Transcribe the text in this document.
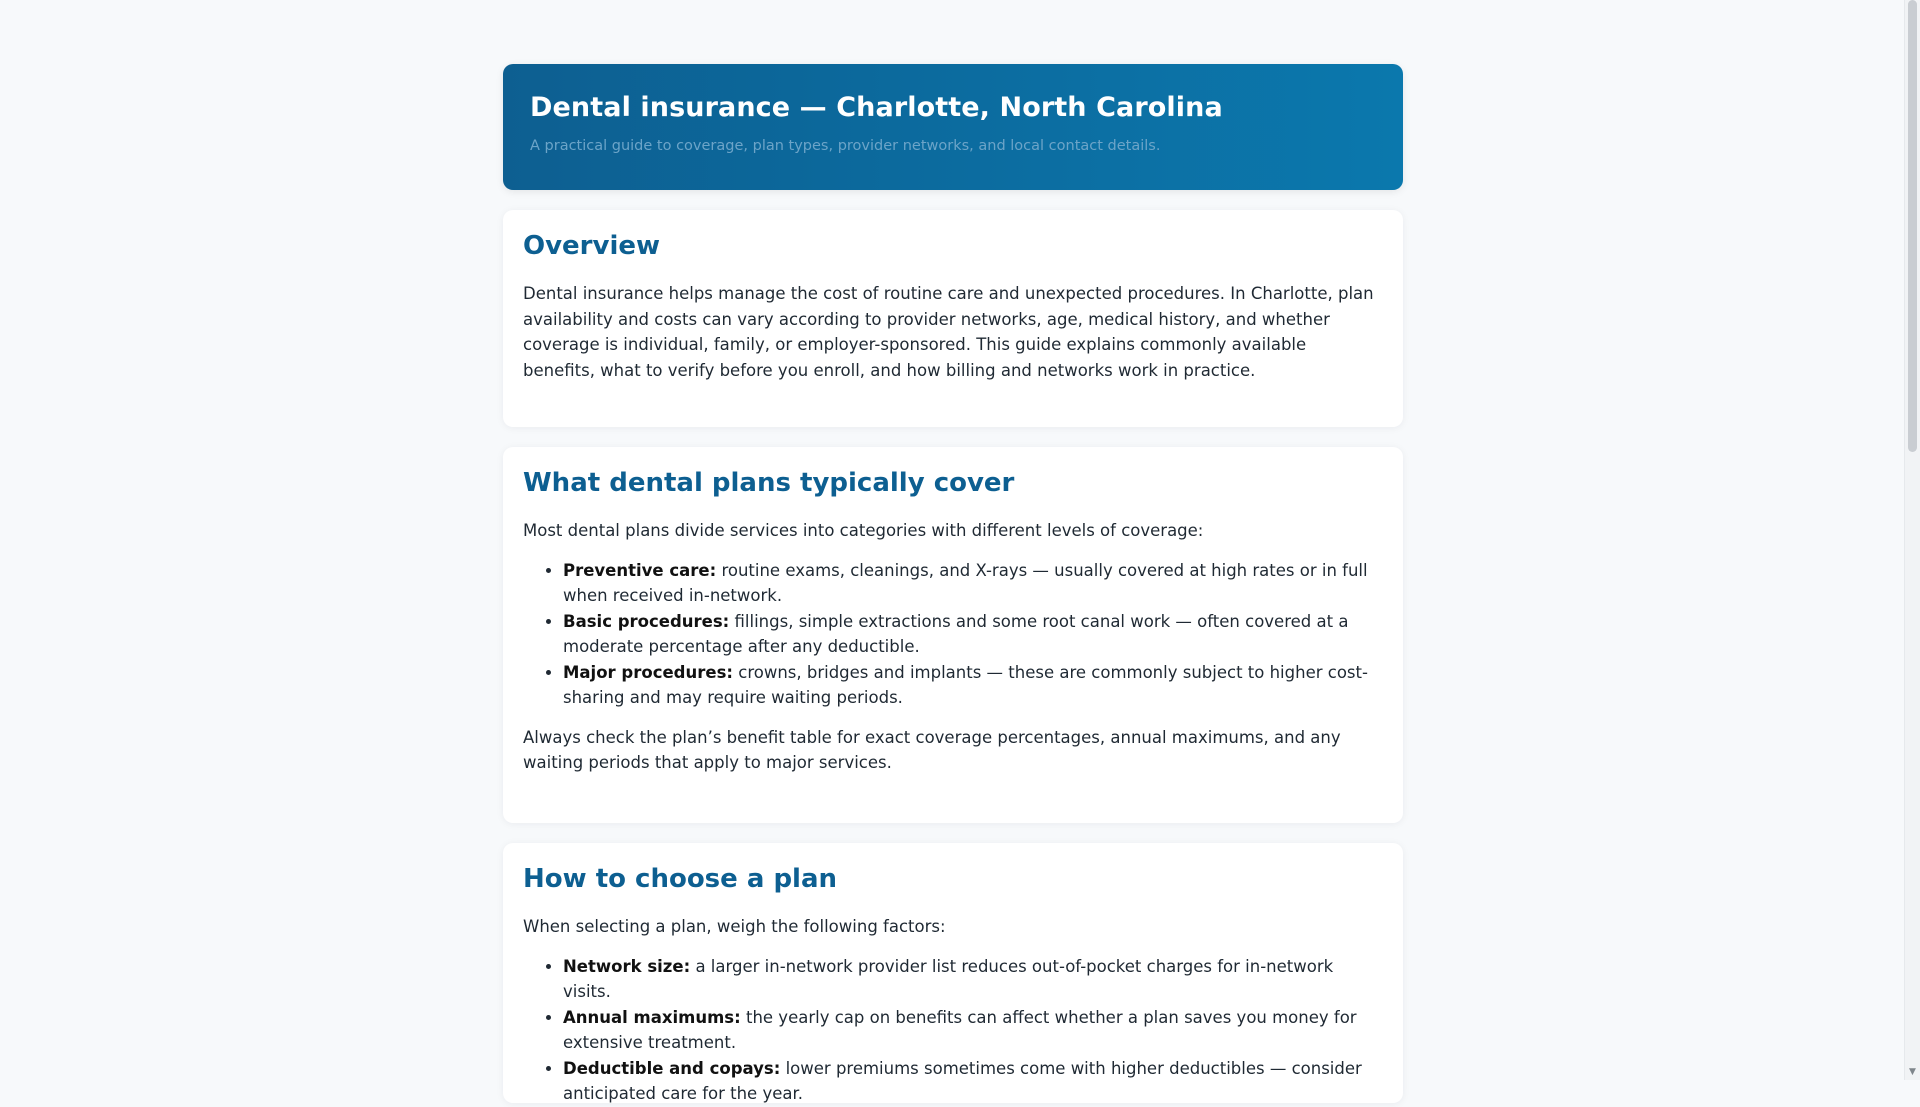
Dental insurance — Charlotte, North Carolina

A practical guide to coverage, plan types, provider networks, and local contact details.

Overview

Dental insurance helps manage the cost of routine care and unexpected procedures. In Charlotte, plan availability and costs can vary according to provider networks, age, medical history, and whether coverage is individual, family, or employer-sponsored. This guide explains commonly available benefits, what to verify before you enroll, and how billing and networks work in practice.

What dental plans typically cover

Most dental plans divide services into categories with different levels of coverage:

• Preventive care: routine exams, cleanings, and X-rays — usually covered at high rates or in full when received in-network.
• Basic procedures: fillings, simple extractions and some root canal work — often covered at a moderate percentage after any deductible.
• Major procedures: crowns, bridges and implants — these are commonly subject to higher cost-sharing and may require waiting periods.

Always check the plan’s benefit table for exact coverage percentages, annual maximums, and any waiting periods that apply to major services.

How to choose a plan

When selecting a plan, weigh the following factors:

• Network size: a larger in-network provider list reduces out-of-pocket charges for in-network visits.
• Annual maximums: the yearly cap on benefits can affect whether a plan saves you money for extensive treatment.
• Deductible and copays: lower premiums sometimes come with higher deductibles — consider anticipated care for the year.
▼
